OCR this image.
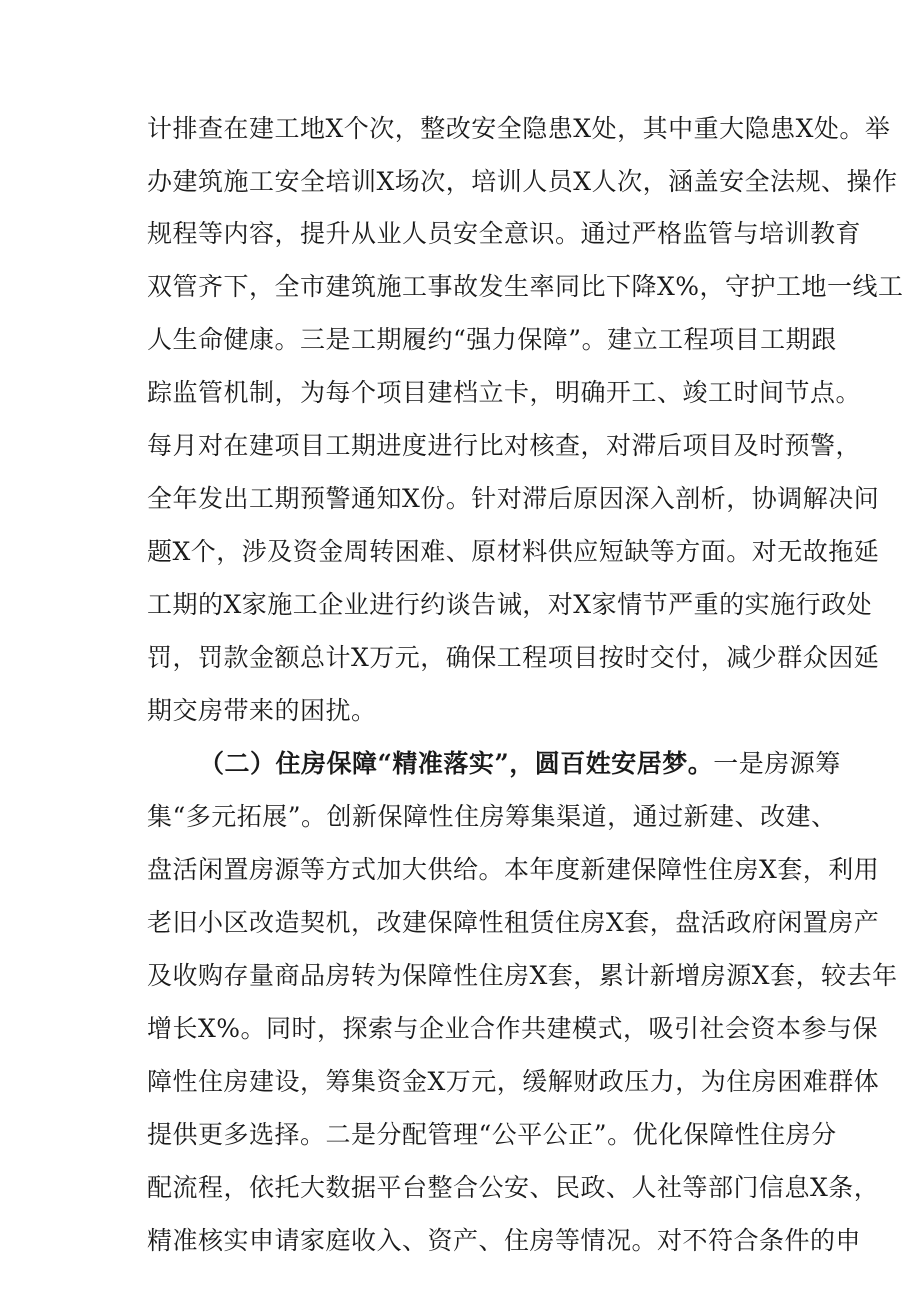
计排查在建工地X个次，整改安全隐患X处，其中重大隐患X处。举
办建筑施工安全培训X场次，培训人员X人次，涵盖安全法规、操作
规程等内容，提升从业人员安全意识。通过严格监管与培训教育
双管齐下，全市建筑施工事故发生率同比下降X%，守护工地一线工
人生命健康。三是工期履约“强力保障”。建立工程项目工期跟
踪监管机制，为每个项目建档立卡，明确开工、竣工时间节点。
每月对在建项目工期进度进行比对核查，对滞后项目及时预警，
全年发出工期预警通知X份。针对滞后原因深入剖析，协调解决问
题X个，涉及资金周转困难、原材料供应短缺等方面。对无故拖延
工期的X家施工企业进行约谈告诫，对X家情节严重的实施行政处
罚，罚款金额总计X万元，确保工程项目按时交付，减少群众因延
期交房带来的困扰。
（二）住房保障“精准落实”，圆百姓安居梦。一是房源筹
集“多元拓展”。创新保障性住房筹集渠道，通过新建、改建、
盘活闲置房源等方式加大供给。本年度新建保障性住房X套，利用
老旧小区改造契机，改建保障性租赁住房X套，盘活政府闲置房产
及收购存量商品房转为保障性住房X套，累计新增房源X套，较去年
增长X%。同时，探索与企业合作共建模式，吸引社会资本参与保
障性住房建设，筹集资金X万元，缓解财政压力，为住房困难群体
提供更多选择。二是分配管理“公平公正”。优化保障性住房分
配流程，依托大数据平台整合公安、民政、人社等部门信息X条，
精准核实申请家庭收入、资产、住房等情况。对不符合条件的申
